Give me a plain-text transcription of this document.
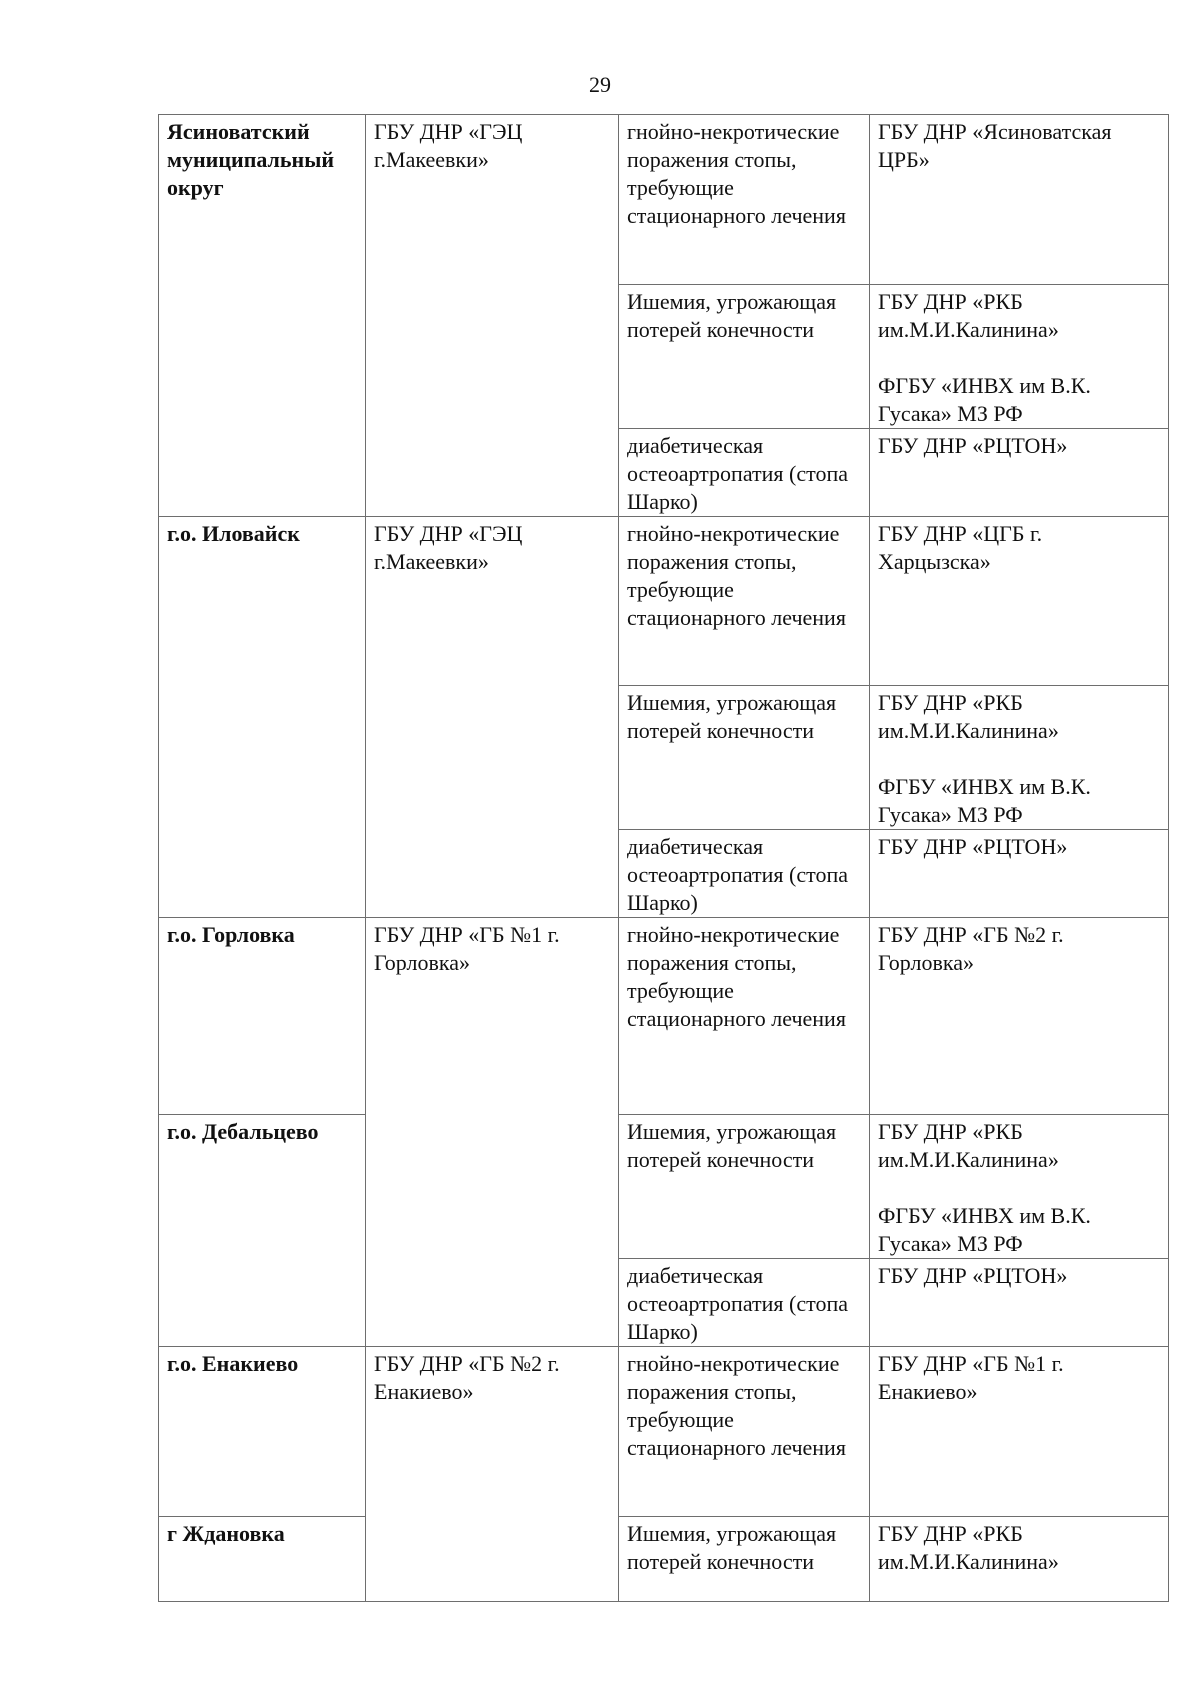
29
Ясиноватский муниципальный округ	ГБУ ДНР «ГЭЦ г.Макеевки»	гнойно-некротические поражения стопы, требующие стационарного лечения	ГБУ ДНР «Ясиноватская ЦРБ»

		Ишемия, угрожающая потерей конечности	ГБУ ДНР «РКБ им.М.И.Калинина»
ФГБУ «ИНВХ им В.К. Гусака» МЗ РФ

		диабетическая остеоартропатия (стопа Шарко)	ГБУ ДНР «РЦТОН»

г.о. Иловайск	ГБУ ДНР «ГЭЦ г.Макеевки»	гнойно-некротические поражения стопы, требующие стационарного лечения	ГБУ ДНР «ЦГБ г. Харцызска»

		Ишемия, угрожающая потерей конечности	ГБУ ДНР «РКБ им.М.И.Калинина»
ФГБУ «ИНВХ им В.К. Гусака» МЗ РФ

		диабетическая остеоартропатия (стопа Шарко)	ГБУ ДНР «РЦТОН»

г.о. Горловка	ГБУ ДНР «ГБ №1 г. Горловка»	гнойно-некротические поражения стопы, требующие стационарного лечения	ГБУ ДНР «ГБ №2 г. Горловка»

г.о. Дебальцево		Ишемия, угрожающая потерей конечности	ГБУ ДНР «РКБ им.М.И.Калинина»
ФГБУ «ИНВХ им В.К. Гусака» МЗ РФ

		диабетическая остеоартропатия (стопа Шарко)	ГБУ ДНР «РЦТОН»

г.о. Енакиево	ГБУ ДНР «ГБ №2 г. Енакиево»	гнойно-некротические поражения стопы, требующие стационарного лечения	ГБУ ДНР «ГБ №1 г. Енакиево»

г Ждановка		Ишемия, угрожающая потерей конечности	ГБУ ДНР «РКБ им.М.И.Калинина»
